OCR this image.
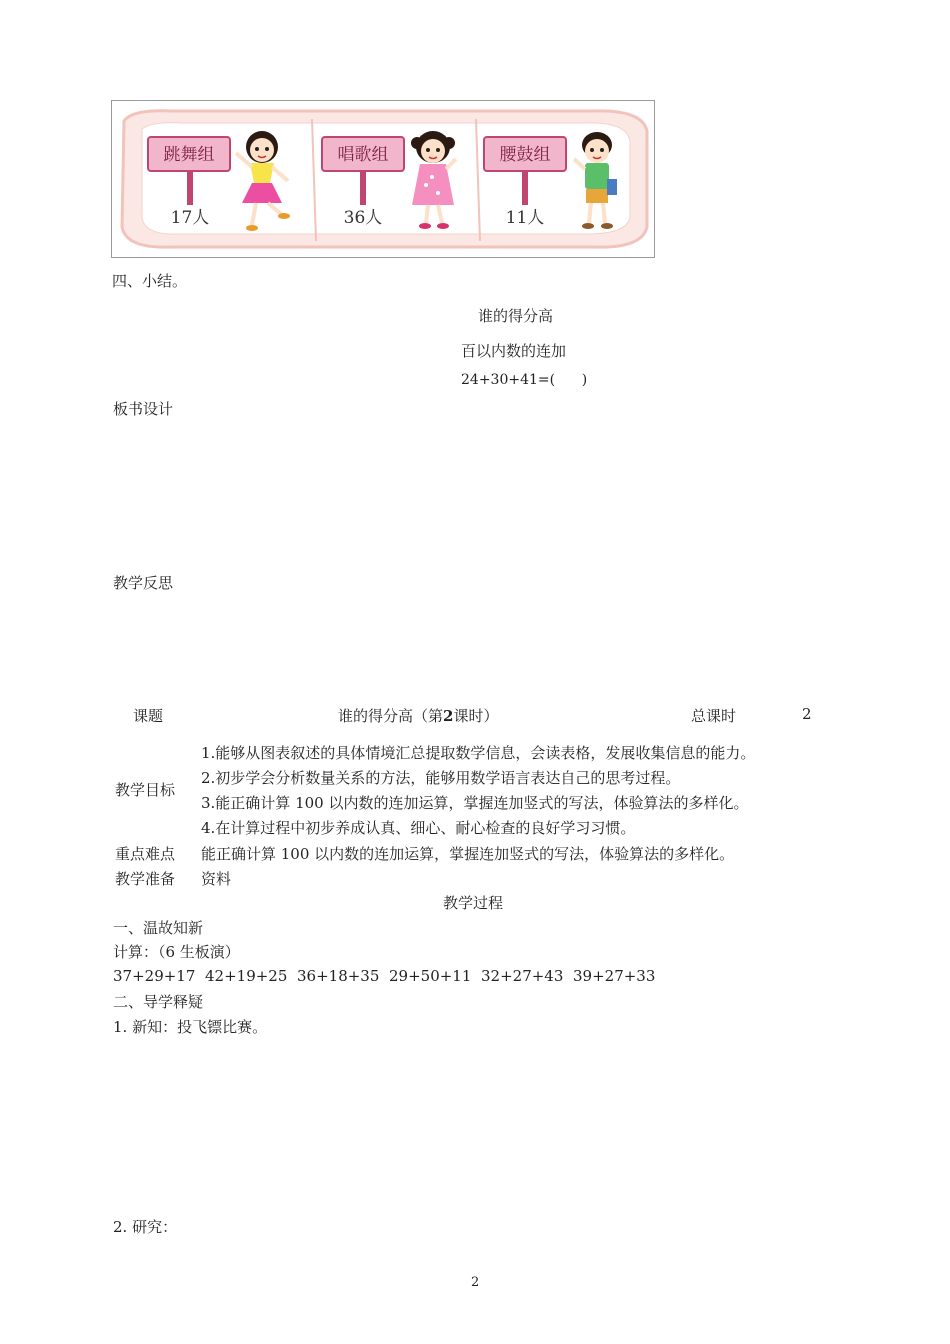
跳舞组
17人
唱歌组
36人
腰鼓组
11人
四、小结。
谁的得分高
百以内数的连加
24+30+41=(      )
板书设计
教学反思
课题	谁的得分高（第2课时）	总课时	2
教学目标
1.能够从图表叙述的具体情境汇总提取数学信息，会读表格，发展收集信息的能力。
2.初步学会分析数量关系的方法，能够用数学语言表达自己的思考过程。
3.能正确计算 100 以内数的连加运算，掌握连加竖式的写法，体验算法的多样化。
4.在计算过程中初步养成认真、细心、耐心检查的良好学习习惯。
重点难点 能正确计算 100 以内数的连加运算，掌握连加竖式的写法，体验算法的多样化。
教学准备 资料
教学过程
一、温故知新
计算：（6 生板演）
37+29+17 42+19+25 36+18+35 29+50+11 32+27+43 39+27+33
二、导学释疑
1. 新知：投飞镖比赛。
2. 研究：
2
